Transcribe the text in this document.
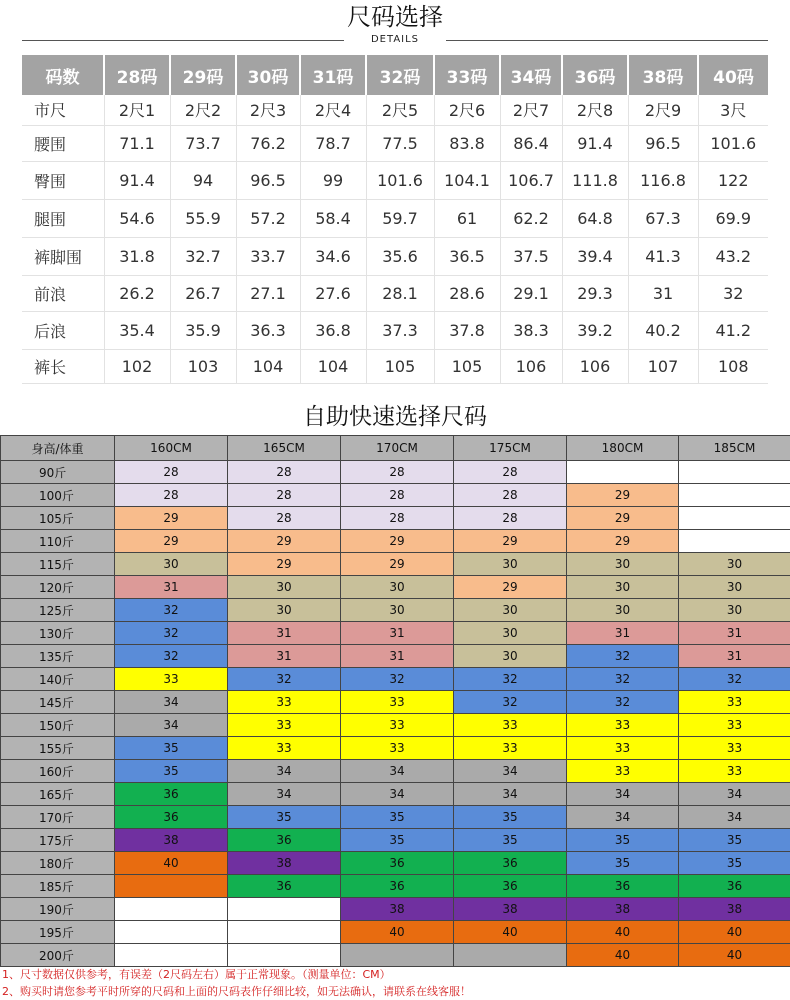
尺码选择
DETAILS
码数	28码	29码	30码	31码	32码	33码	34码	36码	38码	40码
市尺	2尺1	2尺2	2尺3	2尺4	2尺5	2尺6	2尺7	2尺8	2尺9	3尺
腰围	71.1	73.7	76.2	78.7	77.5	83.8	86.4	91.4	96.5	101.6
臀围	91.4	94	96.5	99	101.6	104.1	106.7	111.8	116.8	122
腿围	54.6	55.9	57.2	58.4	59.7	61	62.2	64.8	67.3	69.9
裤脚围	31.8	32.7	33.7	34.6	35.6	36.5	37.5	39.4	41.3	43.2
前浪	26.2	26.7	27.1	27.6	28.1	28.6	29.1	29.3	31	32
后浪	35.4	35.9	36.3	36.8	37.3	37.8	38.3	39.2	40.2	41.2
裤长	102	103	104	104	105	105	106	106	107	108
自助快速选择尺码
身高/体重	160CM	165CM	170CM	175CM	180CM	185CM
90斤	28	28	28	28		
100斤	28	28	28	28	29	
105斤	29	28	28	28	29	
110斤	29	29	29	29	29	
115斤	30	29	29	30	30	30
120斤	31	30	30	29	30	30
125斤	32	30	30	30	30	30
130斤	32	31	31	30	31	31
135斤	32	31	31	30	32	31
140斤	33	32	32	32	32	32
145斤	34	33	33	32	32	33
150斤	34	33	33	33	33	33
155斤	35	33	33	33	33	33
160斤	35	34	34	34	33	33
165斤	36	34	34	34	34	34
170斤	36	35	35	35	34	34
175斤	38	36	35	35	35	35
180斤	40	38	36	36	35	35
185斤		36	36	36	36	36
190斤			38	38	38	38
195斤			40	40	40	40
200斤					40	40
1、尺寸数据仅供参考，有误差（2尺码左右）属于正常现象。（测量单位：CM）
2、购买时请您参考平时所穿的尺码和上面的尺码表作仔细比较，如无法确认，请联系在线客服！
